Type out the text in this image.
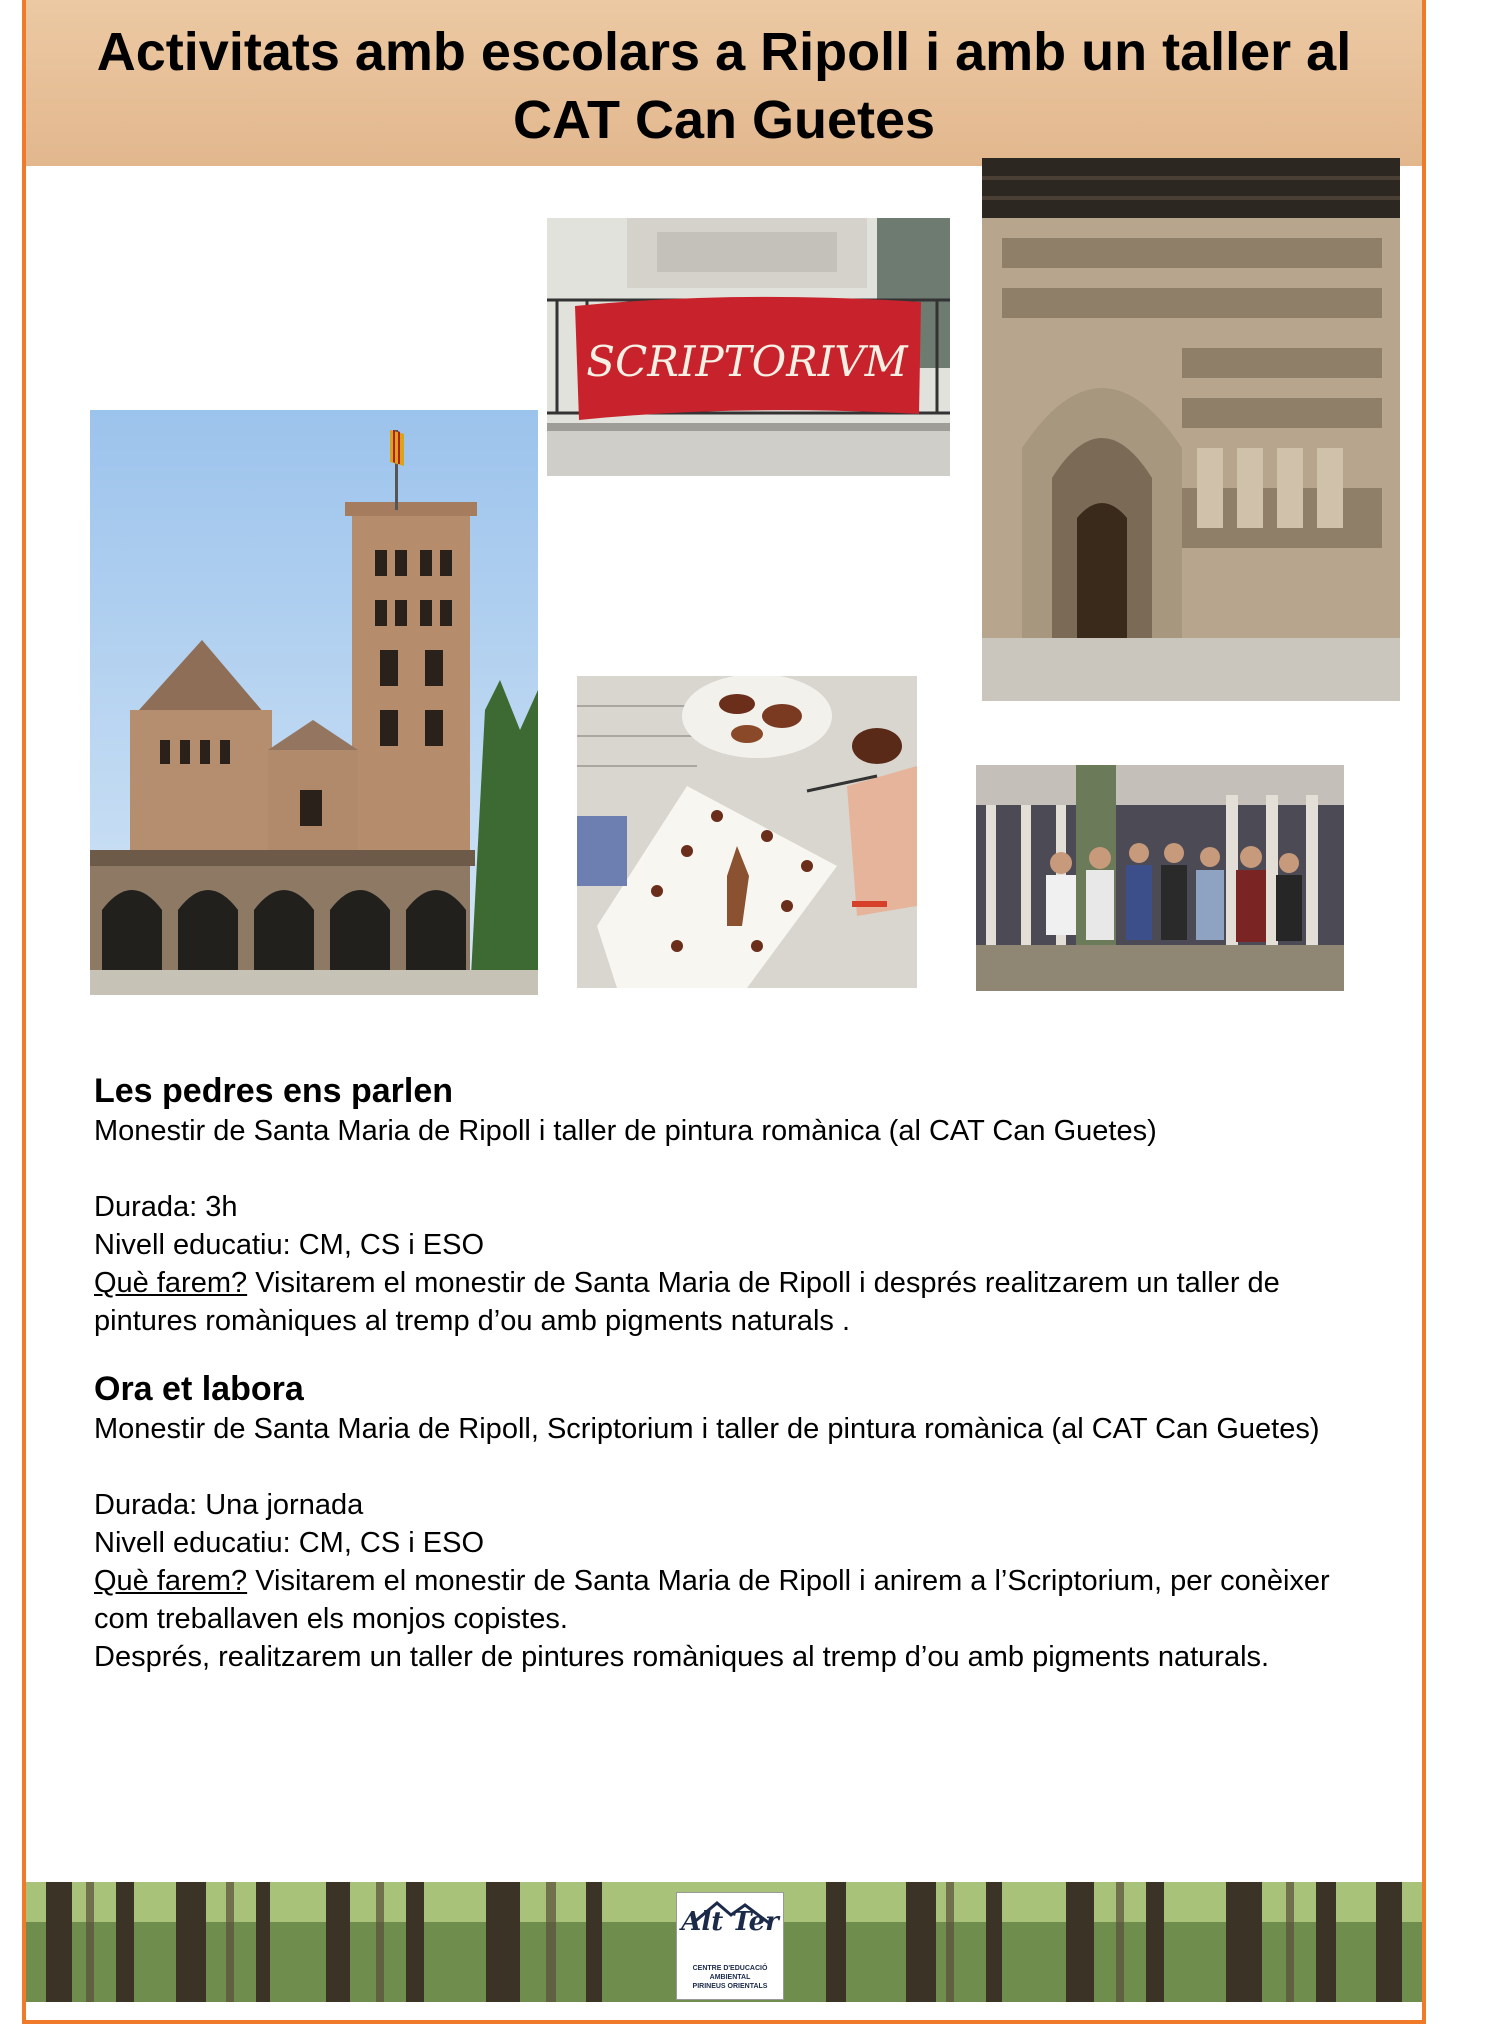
Activitats amb escolars a Ripoll i amb un taller al
CAT Can Guetes
SCRIPTORIVM
Les pedres ens parlen

Monestir de Santa Maria de Ripoll i taller de pintura romànica (al CAT Can Guetes)

Durada: 3h

Nivell educatiu: CM, CS i ESO

Què farem? Visitarem el monestir de Santa Maria de Ripoll i després realitzarem un taller de pintures romàniques al tremp d’ou amb pigments naturals .

Ora et labora

Monestir de Santa Maria de Ripoll, Scriptorium i taller de pintura romànica (al CAT Can Guetes)

Durada: Una jornada

Nivell educatiu: CM, CS i ESO

Què farem? Visitarem el monestir de Santa Maria de Ripoll i anirem a l’Scriptorium, per conèixer com treballaven els monjos copistes.

Després, realitzarem un taller de pintures romàniques al tremp d’ou amb pigments naturals.

Alt Ter
CENTRE D'EDUCACIÓ AMBIENTAL
PIRINEUS ORIENTALS
